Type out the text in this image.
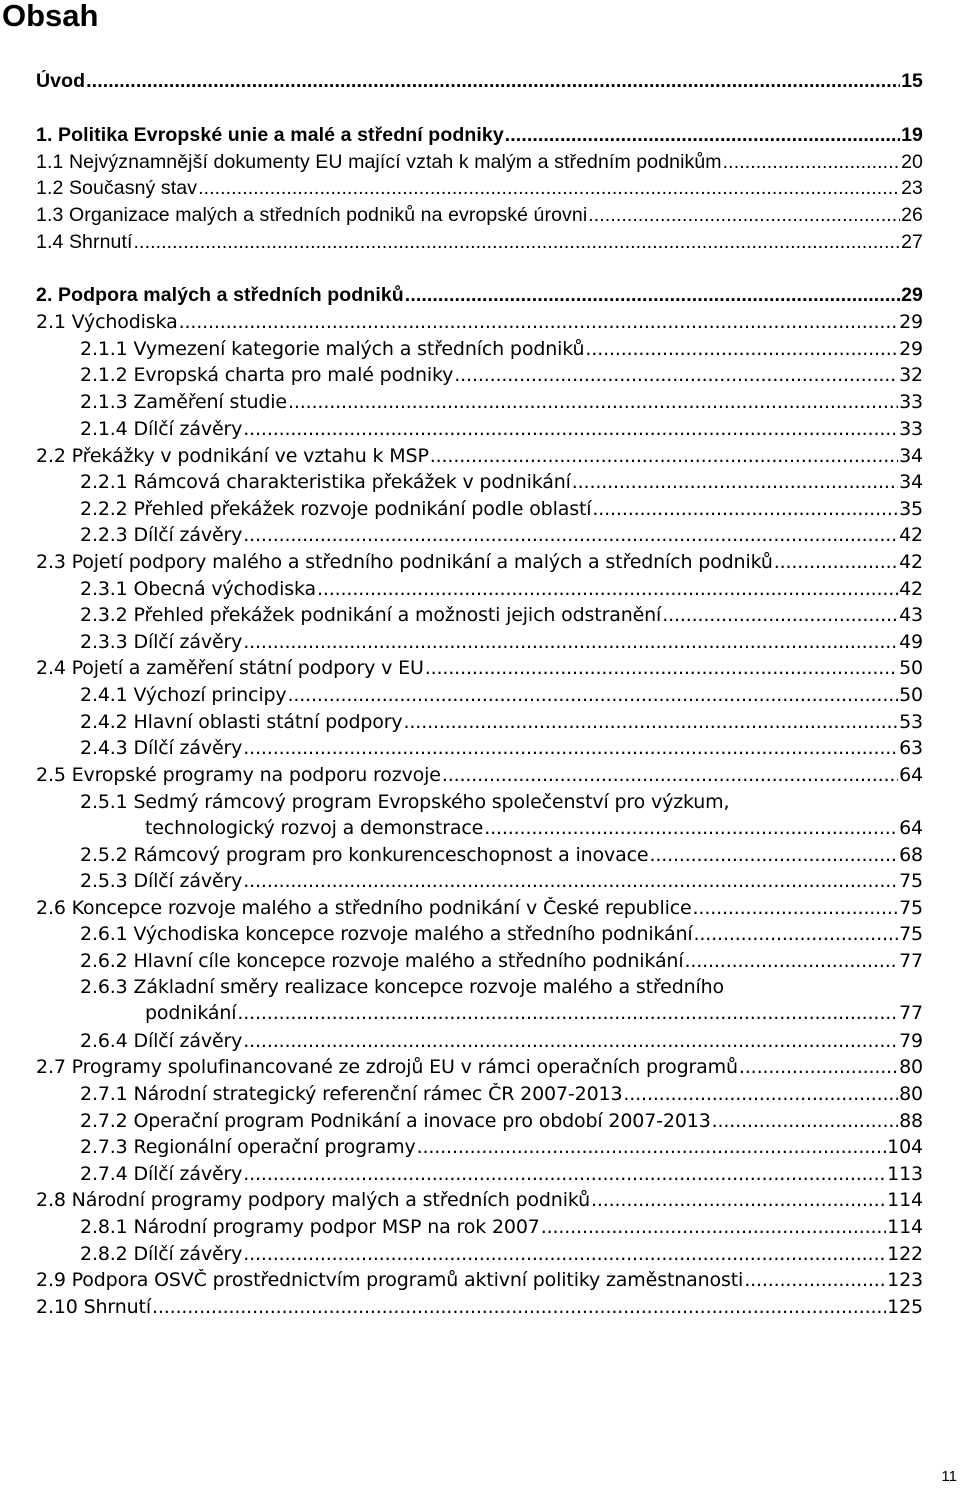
Obsah
Úvod .....	15
1. Politika Evropské unie a malé a střední podniky .....	19
1.1 Nejvýznamnější dokumenty EU mající vztah k malým a středním podnikům .....	20
1.2 Současný stav .....	23
1.3 Organizace malých a středních podniků na evropské úrovni .....	26
1.4 Shrnutí .....	27
2. Podpora malých a středních podniků .....	29
2.1 Východiska .....	29
2.1.1 Vymezení kategorie malých a středních podniků .....	29
2.1.2 Evropská charta pro malé podniky .....	32
2.1.3 Zaměření studie .....	33
2.1.4 Dílčí závěry .....	33
2.2 Překážky v podnikání ve vztahu k MSP .....	34
2.2.1 Rámcová charakteristika překážek v podnikání .....	34
2.2.2 Přehled překážek rozvoje podnikání podle oblastí .....	35
2.2.3 Dílčí závěry .....	42
2.3 Pojetí podpory malého a středního podnikání a malých a středních podniků .....	42
2.3.1 Obecná východiska .....	42
2.3.2 Přehled překážek podnikání a možnosti jejich odstranění .....	43
2.3.3 Dílčí závěry .....	49
2.4 Pojetí a zaměření státní podpory v EU .....	50
2.4.1 Výchozí principy .....	50
2.4.2 Hlavní oblasti státní podpory .....	53
2.4.3 Dílčí závěry .....	63
2.5 Evropské programy na podporu rozvoje .....	64
2.5.1 Sedmý rámcový program Evropského společenství pro výzkum,
technologický rozvoj a demonstrace .....	64
2.5.2 Rámcový program pro konkurenceschopnost a inovace .....	68
2.5.3 Dílčí závěry .....	75
2.6 Koncepce rozvoje malého a středního podnikání v České republice .....	75
2.6.1 Východiska koncepce rozvoje malého a středního podnikání .....	75
2.6.2 Hlavní cíle koncepce rozvoje malého a středního podnikání .....	77
2.6.3 Základní směry realizace koncepce rozvoje malého a středního
podnikání .....	77
2.6.4 Dílčí závěry .....	79
2.7 Programy spolufinancované ze zdrojů EU v rámci operačních programů .....	80
2.7.1 Národní strategický referenční rámec ČR 2007-2013 .....	80
2.7.2 Operační program Podnikání a inovace pro období 2007-2013 .....	88
2.7.3 Regionální operační programy .....	104
2.7.4 Dílčí závěry .....	113
2.8 Národní programy podpory malých a středních podniků .....	114
2.8.1 Národní programy podpor MSP na rok 2007 .....	114
2.8.2 Dílčí závěry .....	122
2.9 Podpora OSVČ prostřednictvím programů aktivní politiky zaměstnanosti .....	123
2.10 Shrnutí .....	125
11
